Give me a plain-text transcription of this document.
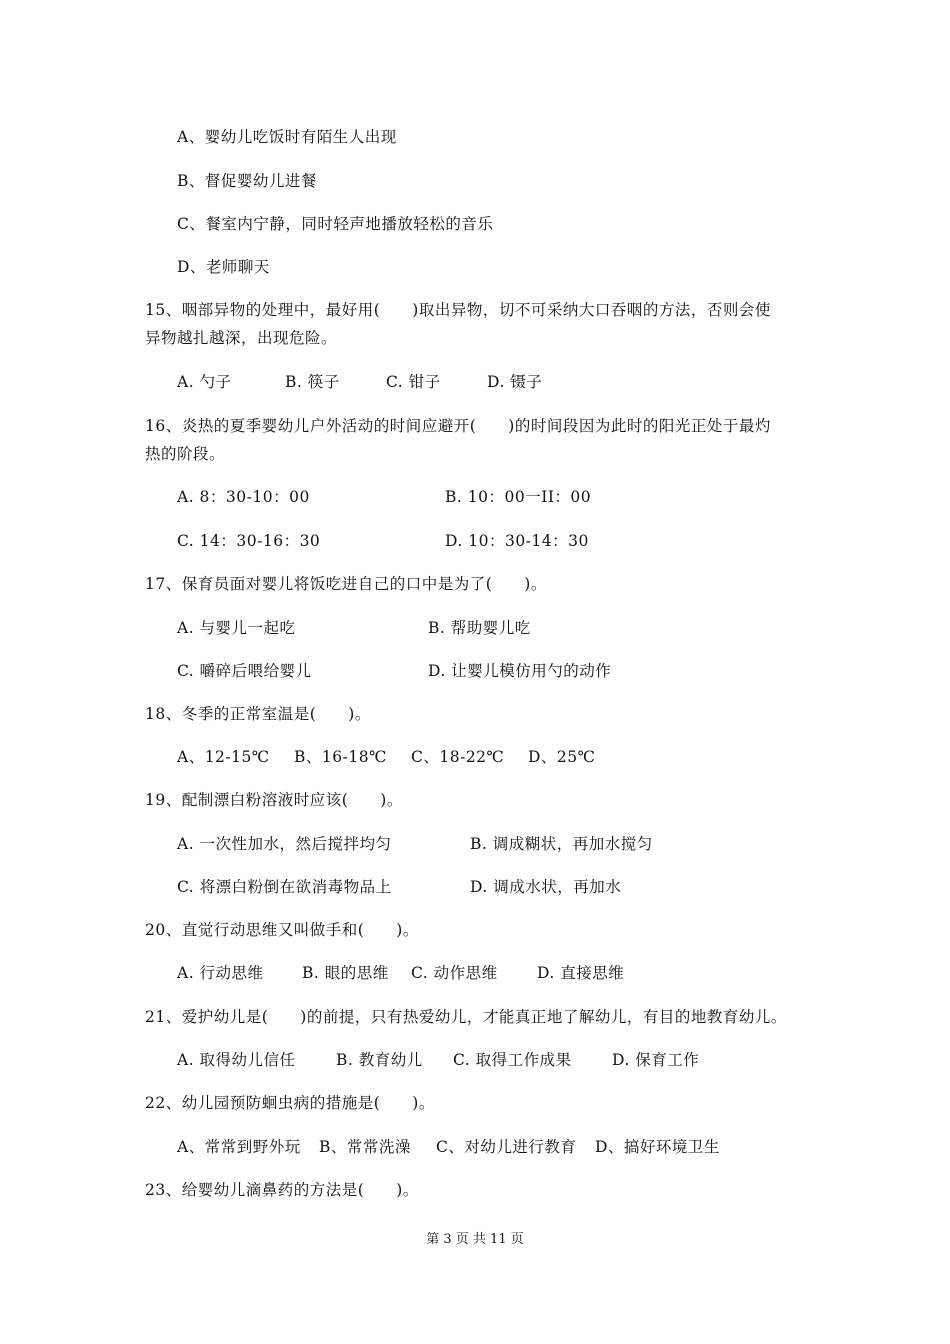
A、婴幼儿吃饭时有陌生人出现
B、督促婴幼儿进餐
C、餐室内宁静，同时轻声地播放轻松的音乐
D、老师聊天
15、咽部异物的处理中，最好用(　　)取出异物，切不可采纳大口吞咽的方法，否则会使
异物越扎越深，出现危险。
A. 勺子	B. 筷子	C. 钳子	D. 镊子
16、炎热的夏季婴幼儿户外活动的时间应避开(　　)的时间段因为此时的阳光正处于最灼
热的阶段。
A. 8：30-10：00	B. 10：00一II：00
C. 14：30-16：30	D. 10：30-14：30
17、保育员面对婴儿将饭吃进自己的口中是为了(　　)。
A. 与婴儿一起吃	B. 帮助婴儿吃
C. 嚼碎后喂给婴儿	D. 让婴儿模仿用勺的动作
18、冬季的正常室温是(　　)。
A、12-15℃ B、16-18℃ C、18-22℃ D、25℃
19、配制漂白粉溶液时应该(　　)。
A. 一次性加水，然后搅拌均匀	B. 调成糊状，再加水搅匀
C. 将漂白粉倒在欲消毒物品上	D. 调成水状，再加水
20、直觉行动思维又叫做手和(　　)。
A. 行动思维 B. 眼的思维 C. 动作思维	D. 直接思维
21、爱护幼儿是(　　)的前提，只有热爱幼儿，才能真正地了解幼儿，有目的地教育幼儿。
A. 取得幼儿信任	B. 教育幼儿 C. 取得工作成果	D. 保育工作
22、幼儿园预防蛔虫病的措施是(　　)。
A、常常到野外玩 B、常常洗澡 C、对幼儿进行教育 D、搞好环境卫生
23、给婴幼儿滴鼻药的方法是(　　)。
第 3 页 共 11 页
